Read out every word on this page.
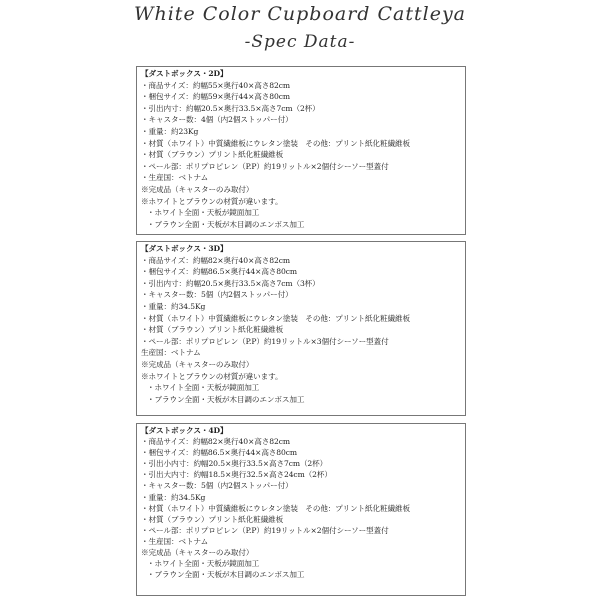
White Color Cupboard Cattleya
-Spec Data-
【ダストボックス・2D】
・商品サイズ：約幅55×奥行40×高さ82cm
・梱包サイズ：約幅59×奥行44×高さ80cm
・引出内寸：約幅20.5×奥行33.5×高さ7cm（2杯）
・キャスター数：4個（内2個ストッパー付）
・重量：約23Kg
・材質（ホワイト）中質繊維板にウレタン塗装　その他：プリント紙化粧繊維板
・材質（ブラウン）プリント紙化粧繊維板
・ペール部：ポリプロピレン（P.P）約19リットル×2個付シーソー型蓋付
・生産国：ベトナム
※完成品（キャスターのみ取付）
※ホワイトとブラウンの材質が違います。
・ホワイト全面・天板が鏡面加工
・ブラウン全面・天板が木目調のエンボス加工
【ダストボックス・3D】
・商品サイズ：約幅82×奥行40×高さ82cm
・梱包サイズ：約幅86.5×奥行44×高さ80cm
・引出内寸：約幅20.5×奥行33.5×高さ7cm（3杯）
・キャスター数：5個（内2個ストッパー付）
・重量：約34.5Kg
・材質（ホワイト）中質繊維板にウレタン塗装　その他：プリント紙化粧繊維板
・材質（ブラウン）プリント紙化粧繊維板
・ペール部：ポリプロピレン（P.P）約19リットル×3個付シーソー型蓋付
生産国：ベトナム
※完成品（キャスターのみ取付）
※ホワイトとブラウンの材質が違います。
・ホワイト全面・天板が鏡面加工
・ブラウン全面・天板が木目調のエンボス加工
【ダストボックス・4D】
・商品サイズ：約幅82×奥行40×高さ82cm
・梱包サイズ：約幅86.5×奥行44×高さ80cm
・引出小内寸：約幅20.5×奥行33.5×高さ7cm（2杯）
・引出大内寸：約幅18.5×奥行32.5×高さ24cm（2杯）
・キャスター数：5個（内2個ストッパー付）
・重量：約34.5Kg
・材質（ホワイト）中質繊維板にウレタン塗装　その他：プリント紙化粧繊維板
・材質（ブラウン）プリント紙化粧繊維板
・ペール部：ポリプロピレン（P.P）約19リットル×2個付シーソー型蓋付
・生産国：ベトナム
※完成品（キャスターのみ取付）
・ホワイト全面・天板が鏡面加工
・ブラウン全面・天板が木目調のエンボス加工
